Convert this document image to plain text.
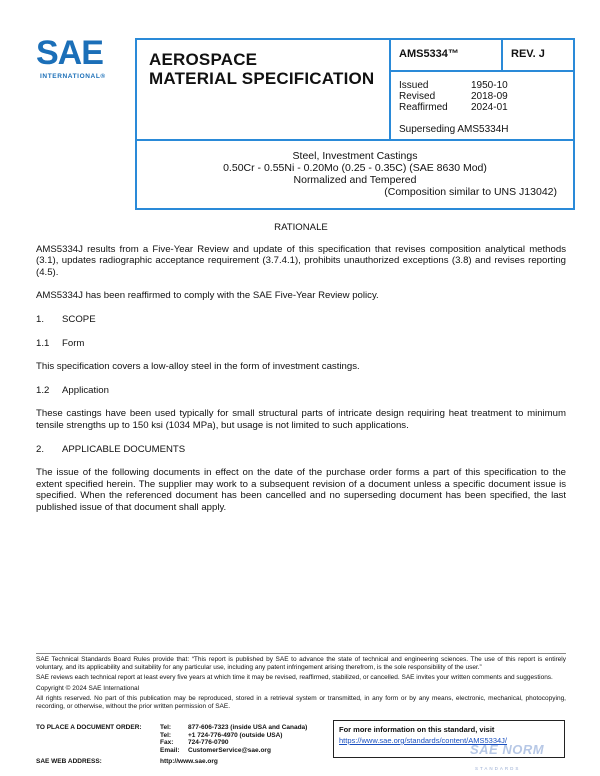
SAE
INTERNATIONAL®
AEROSPACE
MATERIAL SPECIFICATION
AMS5334™	REV. J
Issued	1950-10
Revised	2018-09
Reaffirmed	2024-01
Superseding AMS5334H
Steel, Investment Castings
0.50Cr - 0.55Ni - 0.20Mo (0.25 - 0.35C) (SAE 8630 Mod)
Normalized and Tempered
(Composition similar to UNS J13042)
RATIONALE
AMS5334J results from a Five-Year Review and update of this specification that revises composition analytical methods (3.1), updates radiographic acceptance requirement (3.7.4.1), prohibits unauthorized exceptions (3.8) and revises reporting (4.5).
AMS5334J has been reaffirmed to comply with the SAE Five-Year Review policy.
1. SCOPE
1.1 Form
This specification covers a low-alloy steel in the form of investment castings.
1.2 Application
These castings have been used typically for small structural parts of intricate design requiring heat treatment to minimum tensile strengths up to 150 ksi (1034 MPa), but usage is not limited to such applications.
2. APPLICABLE DOCUMENTS
The issue of the following documents in effect on the date of the purchase order forms a part of this specification to the extent specified herein. The supplier may work to a subsequent revision of a document unless a specific document issue is specified. When the referenced document has been cancelled and no superseding document has been specified, the last published issue of that document shall apply.
SAE Technical Standards Board Rules provide that: “This report is published by SAE to advance the state of technical and engineering sciences. The use of this report is entirely voluntary, and its applicability and suitability for any particular use, including any patent infringement arising therefrom, is the sole responsibility of the user.”
SAE reviews each technical report at least every five years at which time it may be revised, reaffirmed, stabilized, or cancelled. SAE invites your written comments and suggestions.
Copyright © 2024 SAE International
All rights reserved. No part of this publication may be reproduced, stored in a retrieval system or transmitted, in any form or by any means, electronic, mechanical, photocopying, recording, or otherwise, without the prior written permission of SAE.
TO PLACE A DOCUMENT ORDER:	Tel:	877-606-7323 (inside USA and Canada)
Tel:	+1 724-776-4970 (outside USA)
Fax:	724-776-0790
Email:	CustomerService@sae.org
SAE WEB ADDRESS:	http://www.sae.org
For more information on this standard, visit
https://www.sae.org/standards/content/AMS5334J/
SAE NORM
STANDARDS
